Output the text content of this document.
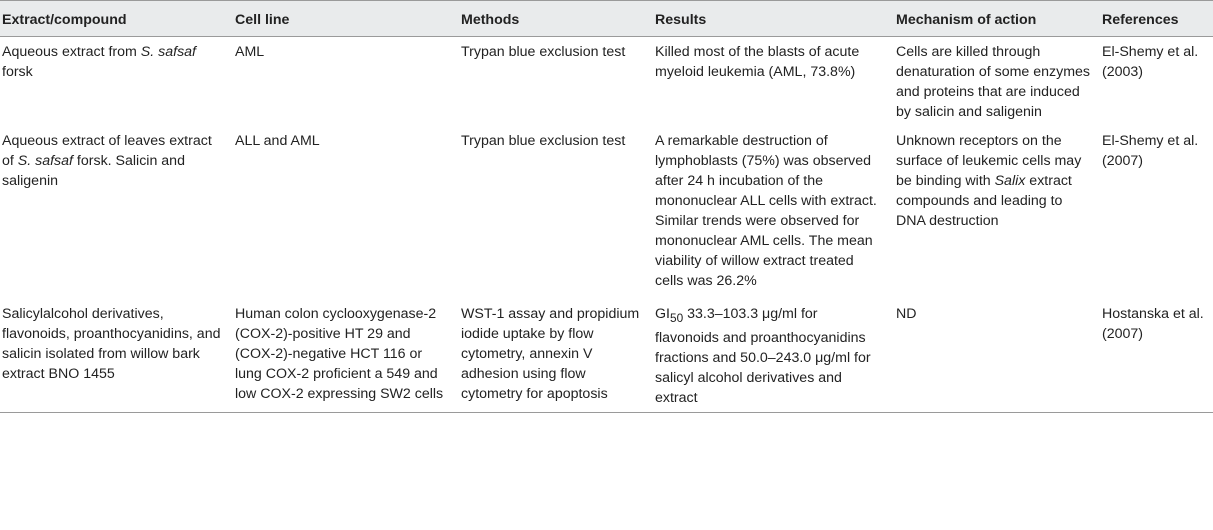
Extract/compound	Cell line	Methods	Results	Mechanism of action	References
Aqueous extract from S. safsaf forsk	AML	Trypan blue exclusion test	Killed most of the blasts of acute myeloid leukemia (AML, 73.8%)	Cells are killed through denaturation of some enzymes and proteins that are induced by salicin and saligenin	El-Shemy et al. (2003)
Aqueous extract of leaves extract of S. safsaf forsk. Salicin and saligenin	ALL and AML	Trypan blue exclusion test	A remarkable destruction of lymphoblasts (75%) was observed after 24 h incubation of the mononuclear ALL cells with extract. Similar trends were observed for mononuclear AML cells. The mean viability of willow extract treated cells was 26.2%	Unknown receptors on the surface of leukemic cells may be binding with Salix extract compounds and leading to DNA destruction	El-Shemy et al. (2007)
Salicylalcohol derivatives, flavonoids, proanthocyanidins, and salicin isolated from willow bark extract BNO 1455	Human colon cyclooxygenase-2 (COX-2)-positive HT 29 and (COX-2)-negative HCT 116 or lung COX-2 proficient a 549 and low COX-2 expressing SW2 cells	WST-1 assay and propidium iodide uptake by flow cytometry, annexin V adhesion using flow cytometry for apoptosis	$GI_{50}$ 33.3–103.3 μg/ml for flavonoids and proanthocyanidins fractions and 50.0–243.0 μg/ml for salicyl alcohol derivatives and extract	ND	Hostanska et al. (2007)
